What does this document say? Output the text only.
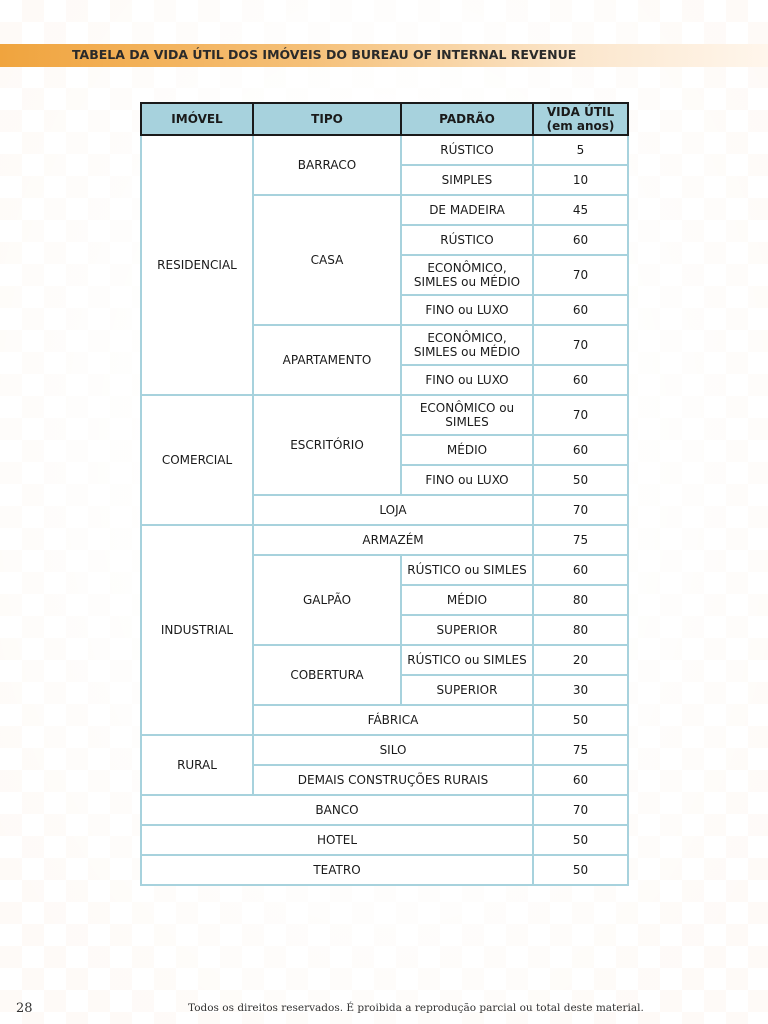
TABELA DA VIDA ÚTIL DOS IMÓVEIS DO BUREAU OF INTERNAL REVENUE
IMÓVEL	TIPO	PADRÃO	VIDA ÚTIL
(em anos)
RESIDENCIAL	BARRACO	RÚSTICO	5
		SIMPLES	10
	CASA	DE MADEIRA	45
		RÚSTICO	60
		ECONÔMICO,
SIMLES ou MÉDIO	70
		FINO ou LUXO	60
	APARTAMENTO	ECONÔMICO,
SIMLES ou MÉDIO	70
		FINO ou LUXO	60
COMERCIAL	ESCRITÓRIO	ECONÔMICO ou
SIMLES	70
		MÉDIO	60
		FINO ou LUXO	50
	LOJA		70
INDUSTRIAL	ARMAZÉM		75
	GALPÃO	RÚSTICO ou SIMLES	60
		MÉDIO	80
		SUPERIOR	80
	COBERTURA	RÚSTICO ou SIMLES	20
		SUPERIOR	30
	FÁBRICA		50
RURAL	SILO		75
	DEMAIS CONSTRUÇÕES RURAIS		60
BANCO			70
HOTEL			50
TEATRO			50
28	Todos os direitos reservados. É proibida a reprodução parcial ou total deste material.
